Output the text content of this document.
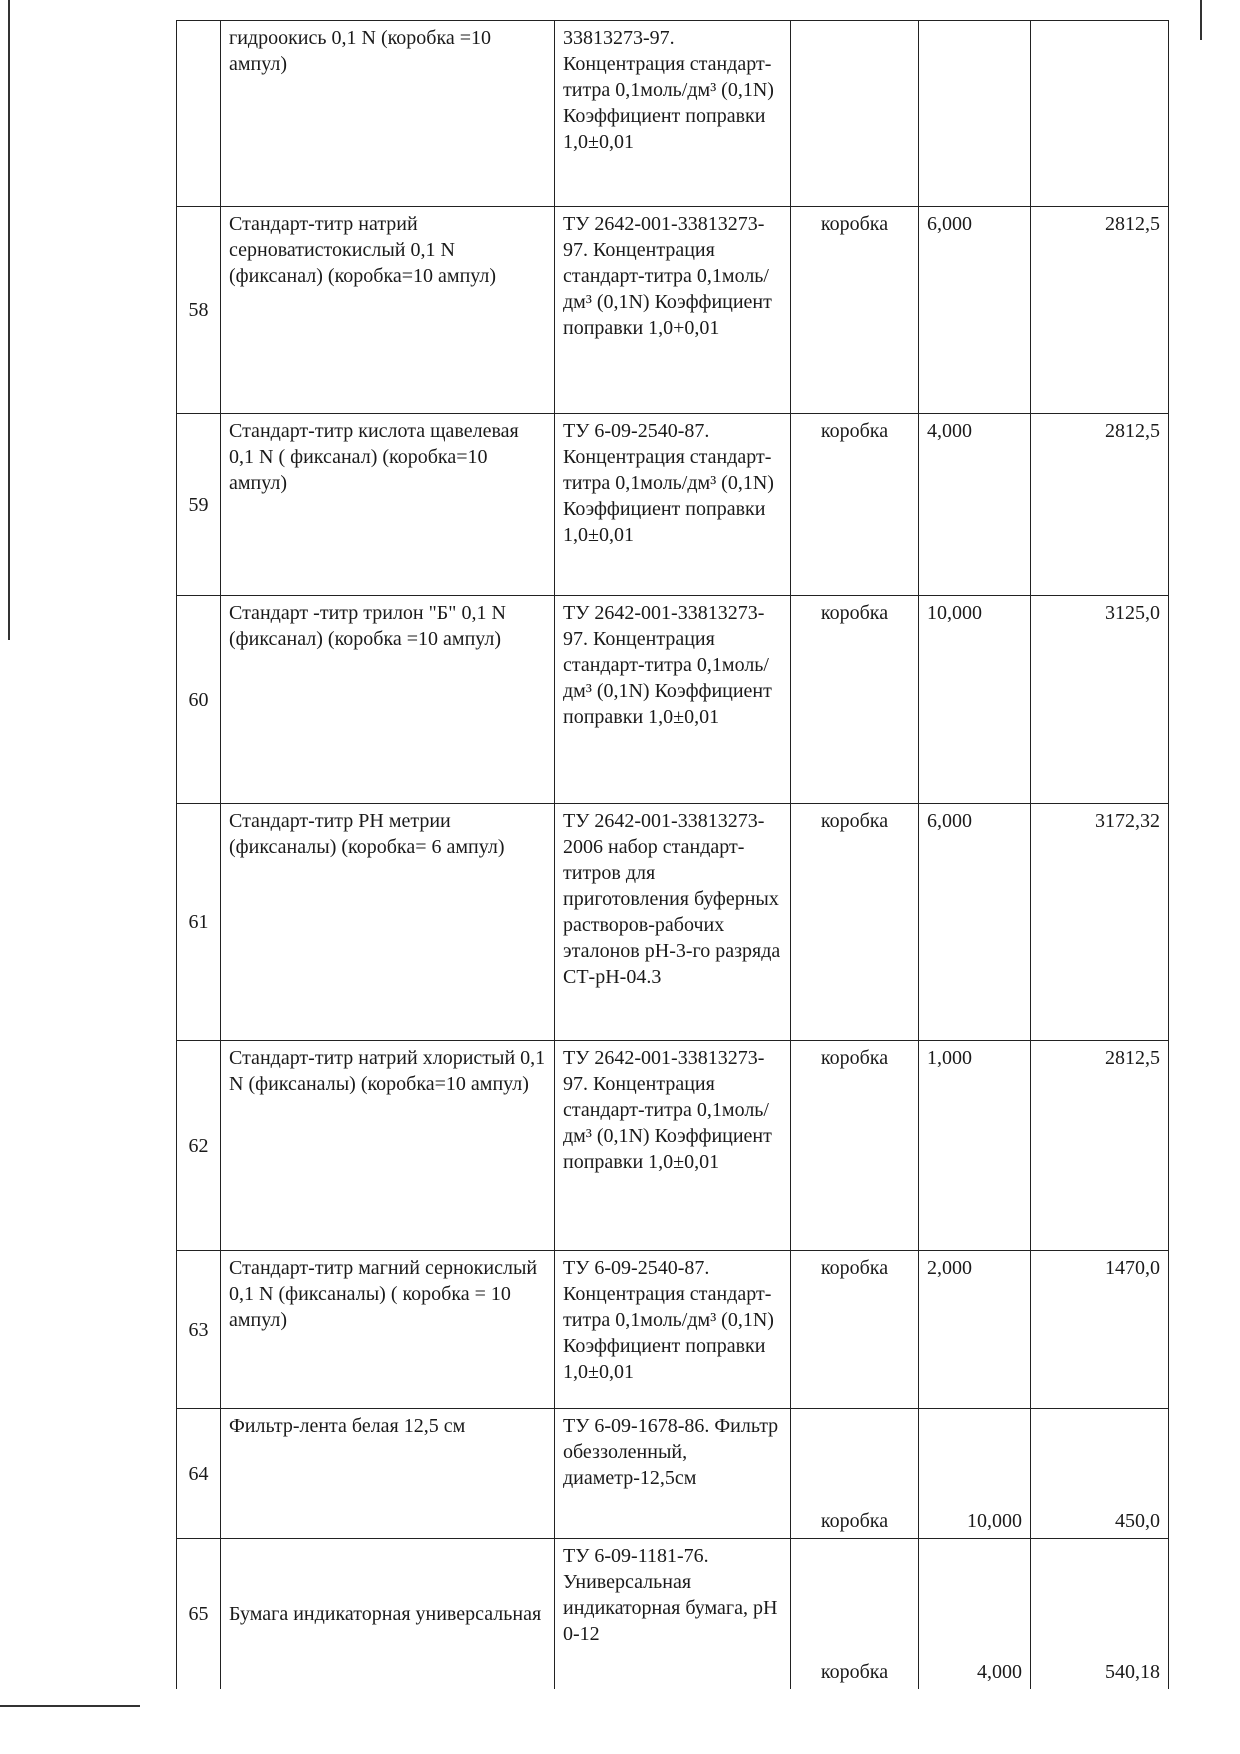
	гидроокись 0,1 N (коробка =10 ампул)	33813273-97. Концентрация стандарт-титра 0,1моль/дм³ (0,1N) Коэффициент поправки 1,0±0,01			
58	Стандарт-титр натрий серноватистокислый 0,1 N (фиксанал) (коробка=10 ампул)	ТУ 2642-001-33813273-97. Концентрация стандарт-титра 0,1моль/дм³ (0,1N) Коэффициент поправки 1,0+0,01	коробка	6,000	2812,5
59	Стандарт-титр кислота щавелевая 0,1 N ( фиксанал) (коробка=10 ампул)	ТУ 6-09-2540-87. Концентрация стандарт-титра 0,1моль/дм³ (0,1N) Коэффициент поправки 1,0±0,01	коробка	4,000	2812,5
60	Стандарт -титр трилон "Б" 0,1 N (фиксанал) (коробка =10 ампул)	ТУ 2642-001-33813273-97. Концентрация стандарт-титра 0,1моль/дм³ (0,1N) Коэффициент поправки 1,0±0,01	коробка	10,000	3125,0
61	Стандарт-титр РН метрии (фиксаналы) (коробка= 6 ампул)	ТУ 2642-001-33813273-2006 набор стандарт-титров для приготовления буферных растворов-рабочих эталонов pH-3-го разряда СТ-рН-04.3	коробка	6,000	3172,32
62	Стандарт-титр натрий хлористый 0,1 N (фиксаналы) (коробка=10 ампул)	ТУ 2642-001-33813273-97. Концентрация стандарт-титра 0,1моль/дм³ (0,1N) Коэффициент поправки 1,0±0,01	коробка	1,000	2812,5
63	Стандарт-титр магний сернокислый 0,1 N (фиксаналы) ( коробка = 10 ампул)	ТУ 6-09-2540-87. Концентрация стандарт-титра 0,1моль/дм³ (0,1N) Коэффициент поправки 1,0±0,01	коробка	2,000	1470,0
64	Фильтр-лента белая 12,5 см	ТУ 6-09-1678-86. Фильтр обеззоленный, диаметр-12,5см	коробка	10,000	450,0
65	Бумага индикаторная универсальная	ТУ 6-09-1181-76. Универсальная индикаторная бумага, pH 0-12	коробка	4,000	540,18
